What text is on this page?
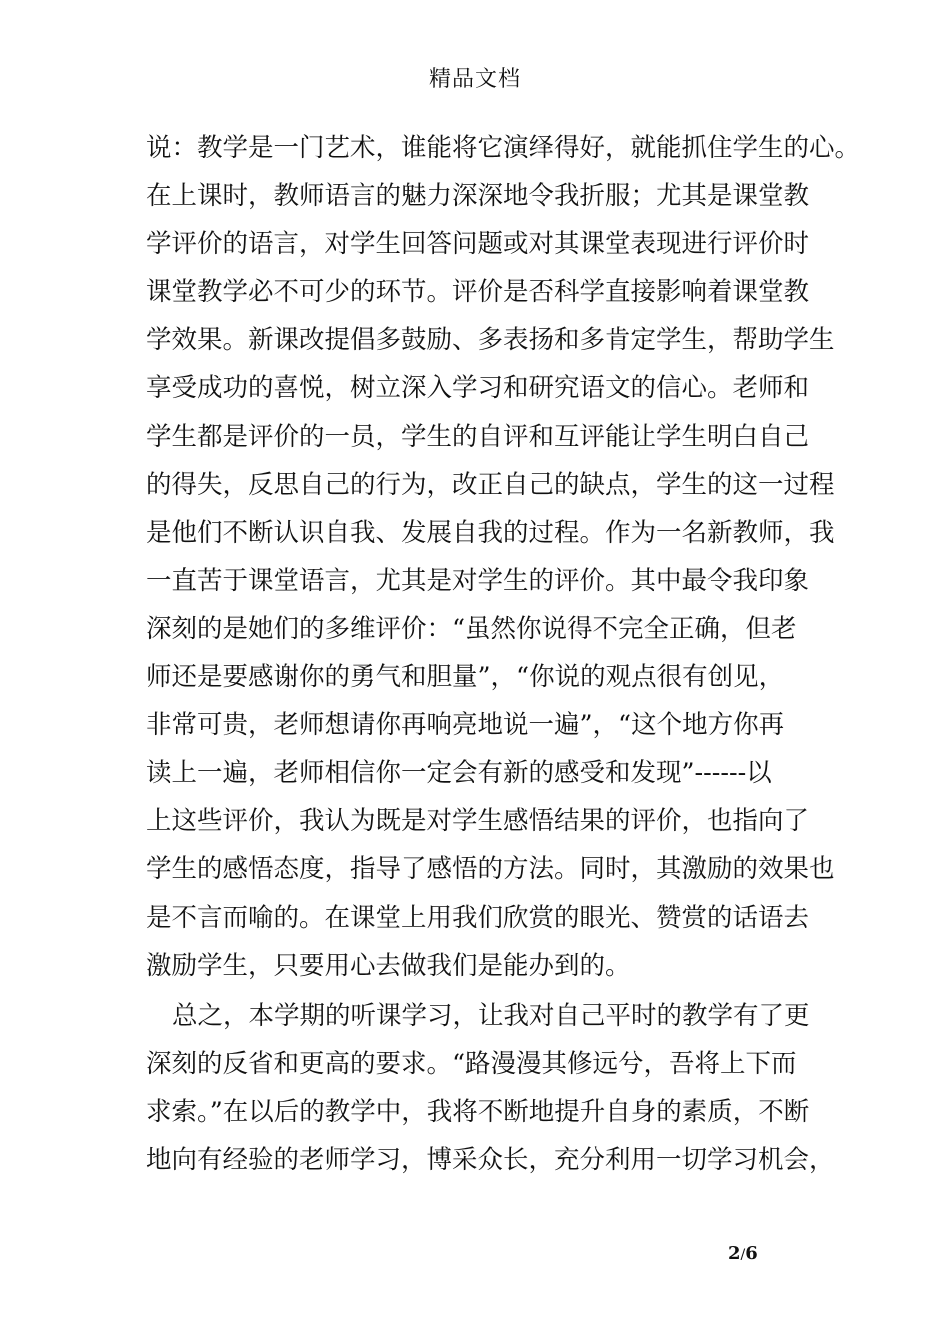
精品文档
说：教学是一门艺术，谁能将它演绎得好，就能抓住学生的心。
在上课时，教师语言的魅力深深地令我折服；尤其是课堂教
学评价的语言，对学生回答问题或对其课堂表现进行评价时
课堂教学必不可少的环节。评价是否科学直接影响着课堂教
学效果。新课改提倡多鼓励、多表扬和多肯定学生，帮助学生
享受成功的喜悦，树立深入学习和研究语文的信心。老师和
学生都是评价的一员，学生的自评和互评能让学生明白自己
的得失，反思自己的行为，改正自己的缺点，学生的这一过程
是他们不断认识自我、发展自我的过程。作为一名新教师，我
一直苦于课堂语言，尤其是对学生的评价。其中最令我印象
深刻的是她们的多维评价：“虽然你说得不完全正确，但老
师还是要感谢你的勇气和胆量”，“你说的观点很有创见，
非常可贵，老师想请你再响亮地说一遍”，“这个地方你再
读上一遍，老师相信你一定会有新的感受和发现”------以
上这些评价，我认为既是对学生感悟结果的评价，也指向了
学生的感悟态度，指导了感悟的方法。同时，其激励的效果也
是不言而喻的。在课堂上用我们欣赏的眼光、赞赏的话语去
激励学生，只要用心去做我们是能办到的。
总之，本学期的听课学习，让我对自己平时的教学有了更
深刻的反省和更高的要求。“路漫漫其修远兮，吾将上下而
求索。”在以后的教学中，我将不断地提升自身的素质，不断
地向有经验的老师学习，博采众长，充分利用一切学习机会，
2/6
